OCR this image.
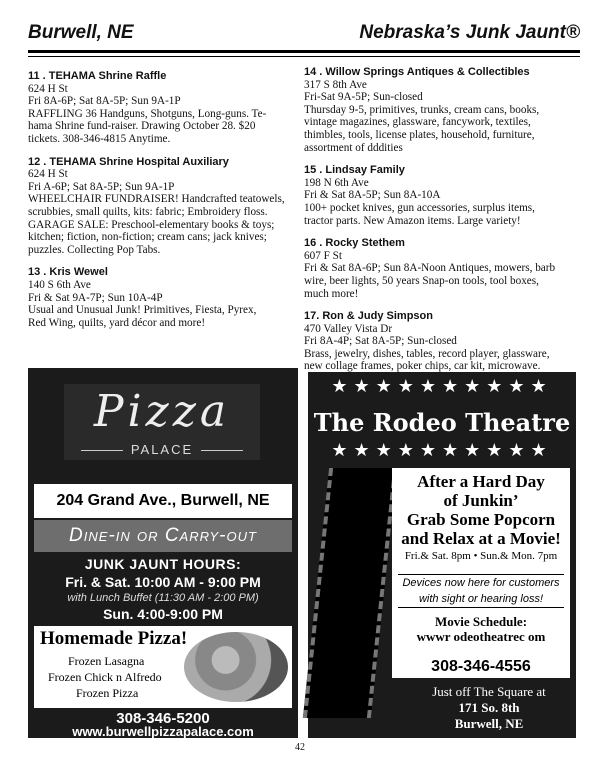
Burwell, NE	Nebraska’s Junk Jaunt®
11 . TEHAMA Shrine Raffle
624 H St
Fri 8A-6P; Sat 8A-5P; Sun 9A-1P
RAFFLING 36 Handguns, Shotguns, Long-guns. Te-
hama Shrine fund-raiser. Drawing October 28. $20
tickets. 308-346-4815 Anytime.
12 . TEHAMA Shrine Hospital Auxiliary
624 H St
Fri A-6P; Sat 8A-5P; Sun 9A-1P
WHEELCHAIR FUNDRAISER! Handcrafted teatowels,
scrubbies, small quilts, kits: fabric; Embroidery floss.
GARAGE SALE: Preschool-elementary books & toys;
kitchen; fiction, non-fiction; cream cans; jack knives;
puzzles. Collecting Pop Tabs.
13 . Kris Wewel
140 S 6th Ave
Fri & Sat 9A-7P; Sun 10A-4P
Usual and Unusual Junk! Primitives, Fiesta, Pyrex,
Red Wing, quilts, yard décor and more!
14 . Willow Springs Antiques & Collectibles
317 S 8th Ave
Fri-Sat 9A-5P; Sun-closed
Thursday 9-5, primitives, trunks, cream cans, books,
vintage magazines, glassware, fancywork, textiles,
thimbles, tools, license plates, household, furniture,
assortment of dddities
15 . Lindsay Family
198 N 6th Ave
Fri & Sat 8A-5P; Sun 8A-10A
100+ pocket knives, gun accessories, surplus items,
tractor parts. New Amazon items. Large variety!
16 . Rocky Stethem
607 F St
Fri & Sat 8A-6P; Sun 8A-Noon Antiques, mowers, barb
wire, beer lights, 50 years Snap-on tools, tool boxes,
much more!
17. Ron & Judy Simpson
470 Valley Vista Dr
Fri 8A-4P; Sat 8A-5P; Sun-closed
Brass, jewelry, dishes, tables, record player, glassware,
new collage frames, poker chips, car kit, microwave.
Pizza
PALACE
204 Grand Ave., Burwell, NE
Dine-in or Carry-out
JUNK JAUNT HOURS:
Fri. & Sat. 10:00 AM - 9:00 PM
with Lunch Buffet (11:30 AM - 2:00 PM)
Sun. 4:00-9:00 PM
Homemade Pizza!
Frozen Lasagna
Frozen Chick n Alfredo
Frozen Pizza
308-346-5200
www.burwellpizzapalace.com
★★★★★★★★★★
The Rodeo Theatre
★★★★★★★★★★
After a Hard Day
of Junkin’
Grab Some Popcorn
and Relax at a Movie!
Fri.& Sat. 8pm • Sun.& Mon. 7pm
Devices now here for customers
with sight or hearing loss!
Movie Schedule:
wwwr odeotheatrec om
308-346-4556
Just off The Square at
171 So. 8th
Burwell, NE
42
